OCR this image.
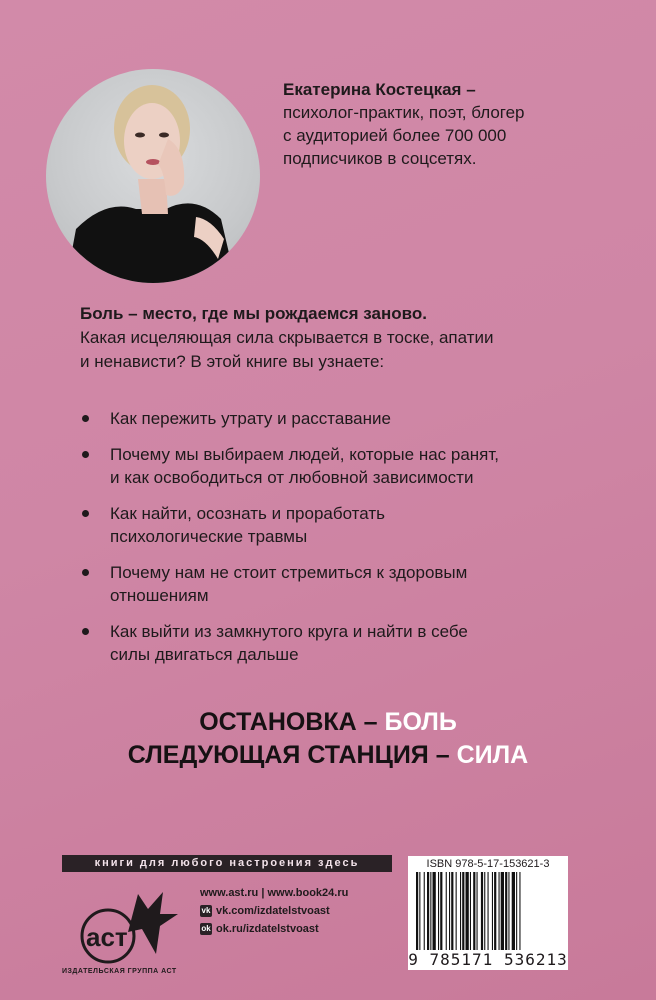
Екатерина Костецкая –
психолог-практик, поэт, блогер
с аудиторией более 700 000
подписчиков в соцсетях.
Боль – место, где мы рождаемся заново.
Какая исцеляющая сила скрывается в тоске, апатии
и ненависти? В этой книге вы узнаете:
Как пережить утрату и расставание
Почему мы выбираем людей, которые нас ранят,
и как освободиться от любовной зависимости
Как найти, осознать и проработать
психологические травмы
Почему нам не стоит стремиться к здоровым
отношениям
Как выйти из замкнутого круга и найти в себе
силы двигаться дальше
ОСТАНОВКА – БОЛЬ
СЛЕДУЮЩАЯ СТАНЦИЯ – СИЛА
книги для любого настроения здесь
аст
ИЗДАТЕЛЬСКАЯ ГРУППА АСТ
www.ast.ru | www.book24.ru
vk vk.com/izdatelstvoast
ok ok.ru/izdatelstvoast
ISBN 978-5-17-153621-3
9 785171 536213
